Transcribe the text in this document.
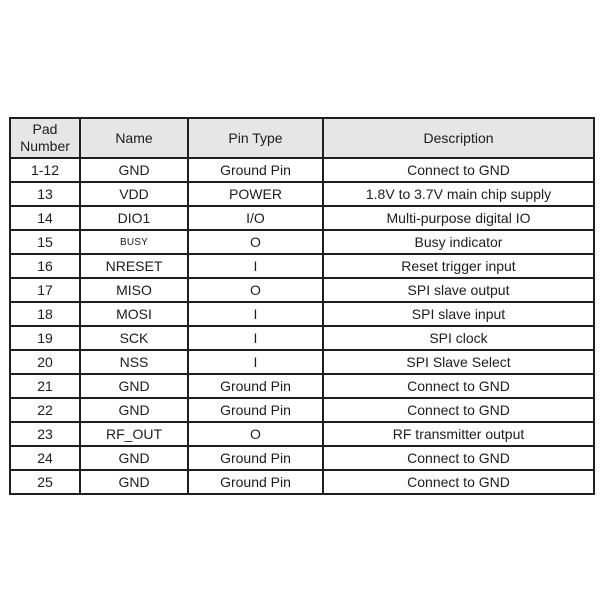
Pad Number	Name	Pin Type	Description
1-12	GND	Ground Pin	Connect to GND
13	VDD	POWER	1.8V to 3.7V main chip supply
14	DIO1	I/O	Multi-purpose digital IO
15	BUSY	O	Busy indicator
16	NRESET	I	Reset trigger input
17	MISO	O	SPI slave output
18	MOSI	I	SPI slave input
19	SCK	I	SPI clock
20	NSS	I	SPI Slave Select
21	GND	Ground Pin	Connect to GND
22	GND	Ground Pin	Connect to GND
23	RF_OUT	O	RF transmitter output
24	GND	Ground Pin	Connect to GND
25	GND	Ground Pin	Connect to GND
